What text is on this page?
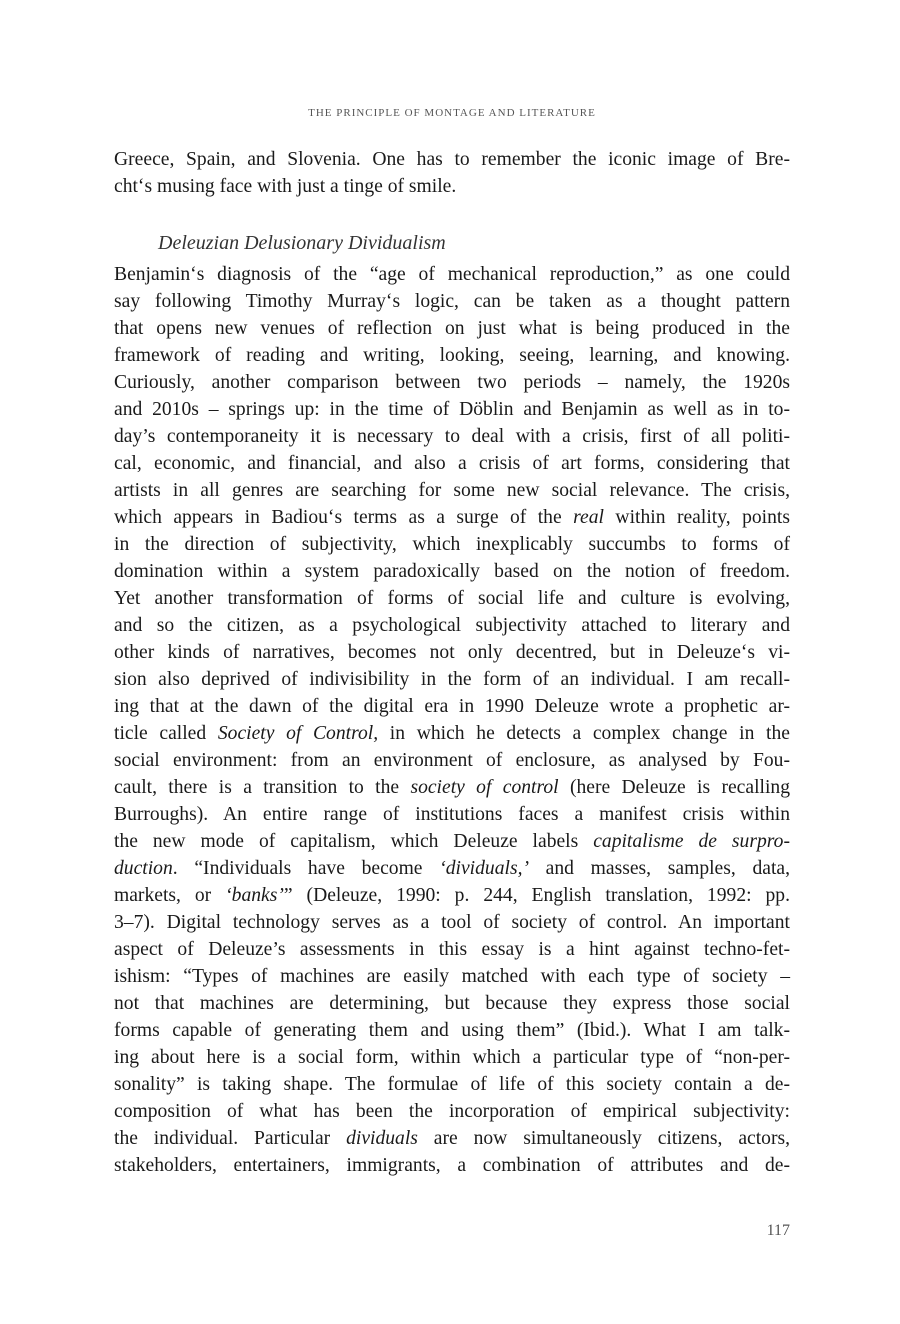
THE PRINCIPLE OF MONTAGE AND LITERATURE
Greece, Spain, and Slovenia. One has to remember the iconic image of Bre-
cht‘s musing face with just a tinge of smile.
Deleuzian Delusionary Dividualism
Benjamin‘s diagnosis of the “age of mechanical reproduction,” as one could
say following Timothy Murray‘s logic, can be taken as a thought pattern
that opens new venues of reflection on just what is being produced in the
framework of reading and writing, looking, seeing, learning, and knowing.
Curiously, another comparison between two periods – namely, the 1920s
and 2010s – springs up: in the time of Döblin and Benjamin as well as in to-
day’s contemporaneity it is necessary to deal with a crisis, first of all politi-
cal, economic, and financial, and also a crisis of art forms, considering that
artists in all genres are searching for some new social relevance. The crisis,
which appears in Badiou‘s terms as a surge of the real within reality, points
in the direction of subjectivity, which inexplicably succumbs to forms of
domination within a system paradoxically based on the notion of freedom.
Yet another transformation of forms of social life and culture is evolving,
and so the citizen, as a psychological subjectivity attached to literary and
other kinds of narratives, becomes not only decentred, but in Deleuze‘s vi-
sion also deprived of indivisibility in the form of an individual. I am recall-
ing that at the dawn of the digital era in 1990 Deleuze wrote a prophetic ar-
ticle called Society of Control, in which he detects a complex change in the
social environment: from an environment of enclosure, as analysed by Fou-
cault, there is a transition to the society of control (here Deleuze is recalling
Burroughs). An entire range of institutions faces a manifest crisis within
the new mode of capitalism, which Deleuze labels capitalisme de surpro-
duction. “Individuals have become ‘dividuals,’ and masses, samples, data,
markets, or ‘banks’” (Deleuze, 1990: p. 244, English translation, 1992: pp.
3–7). Digital technology serves as a tool of society of control. An important
aspect of Deleuze’s assessments in this essay is a hint against techno-fet-
ishism: “Types of machines are easily matched with each type of society –
not that machines are determining, but because they express those social
forms capable of generating them and using them” (Ibid.). What I am talk-
ing about here is a social form, within which a particular type of “non-per-
sonality” is taking shape. The formulae of life of this society contain a de-
composition of what has been the incorporation of empirical subjectivity:
the individual. Particular dividuals are now simultaneously citizens, actors,
stakeholders, entertainers, immigrants, a combination of attributes and de-
117
